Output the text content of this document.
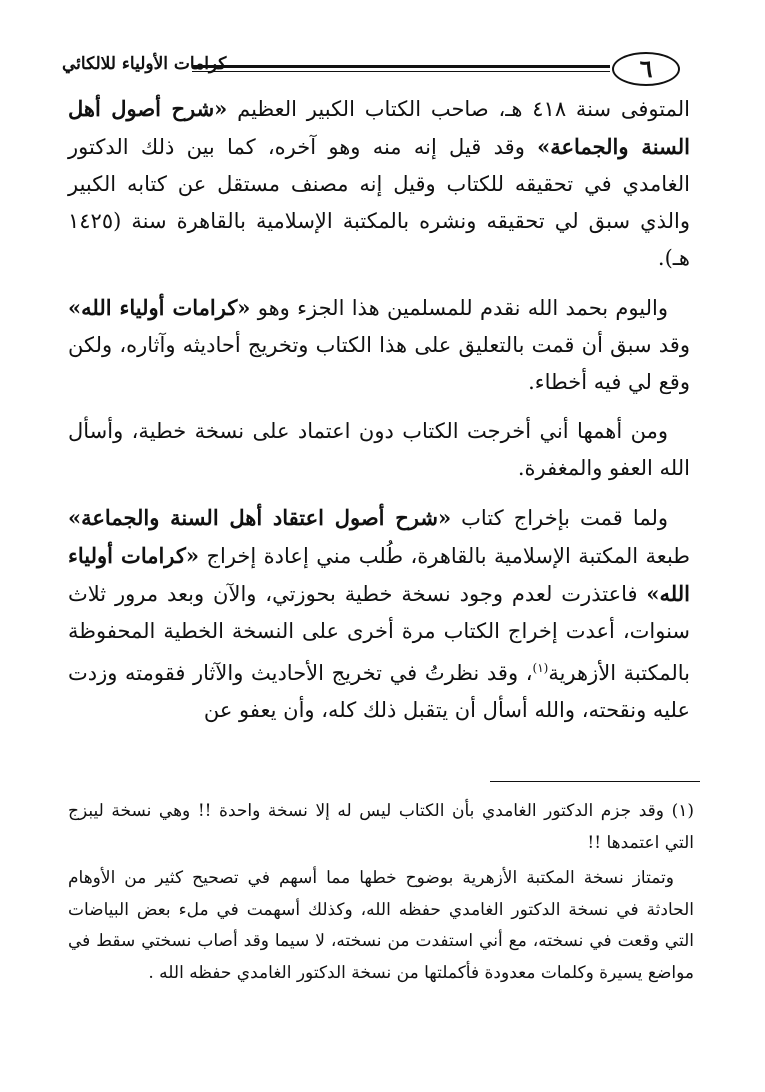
٦
كرامات الأولياء للالكائي

المتوفى سنة ٤١٨ هـ، صاحب الكتاب الكبير العظيم «شرح أصول أهل السنة والجماعة» وقد قيل إنه منه وهو آخره، كما بين ذلك الدكتور الغامدي في تحقيقه للكتاب وقيل إنه مصنف مستقل عن كتابه الكبير والذي سبق لي تحقيقه ونشره بالمكتبة الإسلامية بالقاهرة سنة (١٤٢٥ هـ).

واليوم بحمد الله نقدم للمسلمين هذا الجزء وهو «كرامات أولياء الله» وقد سبق أن قمت بالتعليق على هذا الكتاب وتخريج أحاديثه وآثاره، ولكن وقع لي فيه أخطاء.

ومن أهمها أني أخرجت الكتاب دون اعتماد على نسخة خطية، وأسأل الله العفو والمغفرة.

ولما قمت بإخراج كتاب «شرح أصول اعتقاد أهل السنة والجماعة» طبعة المكتبة الإسلامية بالقاهرة، طُلب مني إعادة إخراج «كرامات أولياء الله» فاعتذرت لعدم وجود نسخة خطية بحوزتي، والآن وبعد مرور ثلاث سنوات، أعدت إخراج الكتاب مرة أخرى على النسخة الخطية المحفوظة بالمكتبة الأزهرية$^{(١)}$، وقد نظرتُ في تخريج الأحاديث والآثار فقومته وزدت عليه ونقحته، والله أسأل أن يتقبل ذلك كله، وأن يعفو عن

(١) وقد جزم الدكتور الغامدي بأن الكتاب ليس له إلا نسخة واحدة !! وهي نسخة ليبزج التي اعتمدها !!

وتمتاز نسخة المكتبة الأزهرية بوضوح خطها مما أسهم في تصحيح كثير من الأوهام الحادثة في نسخة الدكتور الغامدي حفظه الله، وكذلك أسهمت في ملء بعض البياضات التي وقعت في نسخته، مع أني استفدت من نسخته، لا سيما وقد أصاب نسختي سقط في مواضع يسيرة وكلمات معدودة فأكملتها من نسخة الدكتور الغامدي حفظه الله .
